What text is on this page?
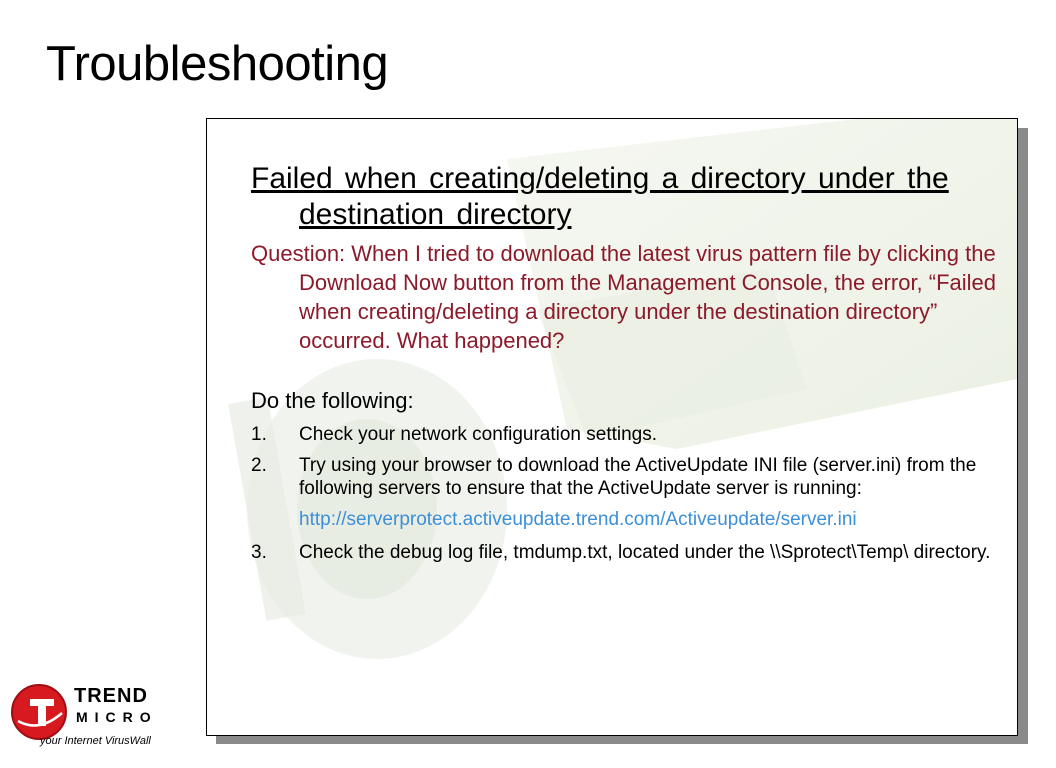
Troubleshooting
Failed when creating/deleting a directory under the destination directory
Question: When I tried to download the latest virus pattern file by clicking the Download Now button from the Management Console, the error, “Failed when creating/deleting a directory under the destination directory” occurred. What happened?
Do the following:
1.	Check your network configuration settings.
2.	Try using your browser to download the ActiveUpdate INI file (server.ini) from the following servers to ensure that the ActiveUpdate server is running:
http://serverprotect.activeupdate.trend.com/Activeupdate/server.ini
3.	Check the debug log file, tmdump.txt, located under the \\Sprotect\Temp\ directory.
TREND
MICRO
your Internet VirusWall
